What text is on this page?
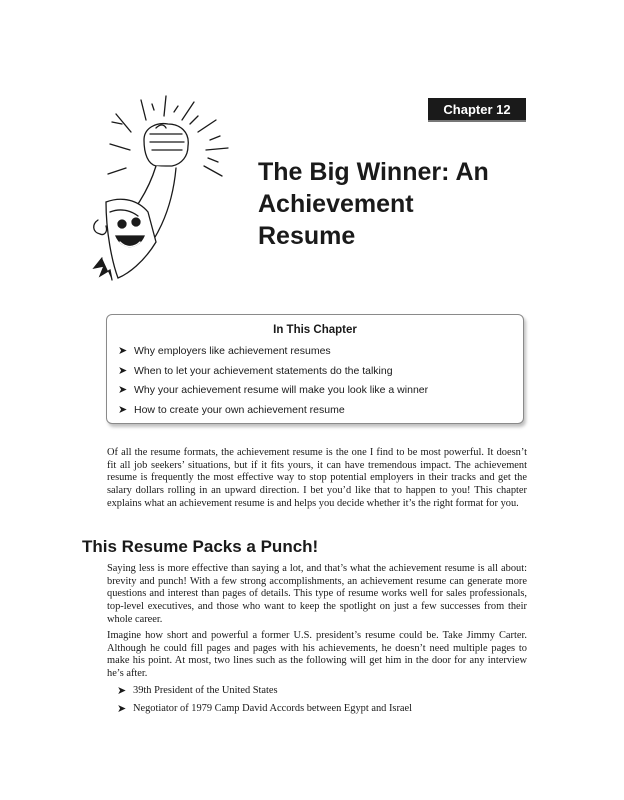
Chapter 12
The Big Winner: An
Achievement
Resume
In This Chapter
➤ Why employers like achievement resumes
➤ When to let your achievement statements do the talking
➤ Why your achievement resume will make you look like a winner
➤ How to create your own achievement resume

Of all the resume formats, the achievement resume is the one I find to be most powerful. It doesn’t fit all job seekers’ situations, but if it fits yours, it can have tremendous impact. The achievement resume is frequently the most effective way to stop potential employers in their tracks and get the salary dollars rolling in an upward direction. I bet you’d like that to happen to you! This chapter explains what an achievement resume is and helps you decide whether it’s the right format for you.

This Resume Packs a Punch!

Saying less is more effective than saying a lot, and that’s what the achievement resume is all about: brevity and punch! With a few strong accomplishments, an achievement resume can generate more questions and interest than pages of details. This type of resume works well for sales professionals, top-level executives, and those who want to keep the spotlight on just a few successes from their whole career.

Imagine how short and powerful a former U.S. president’s resume could be. Take Jimmy Carter. Although he could fill pages and pages with his achievements, he doesn’t need multiple pages to make his point. At most, two lines such as the following will get him in the door for any interview he’s after.

➤ 39th President of the United States
➤ Negotiator of 1979 Camp David Accords between Egypt and Israel
